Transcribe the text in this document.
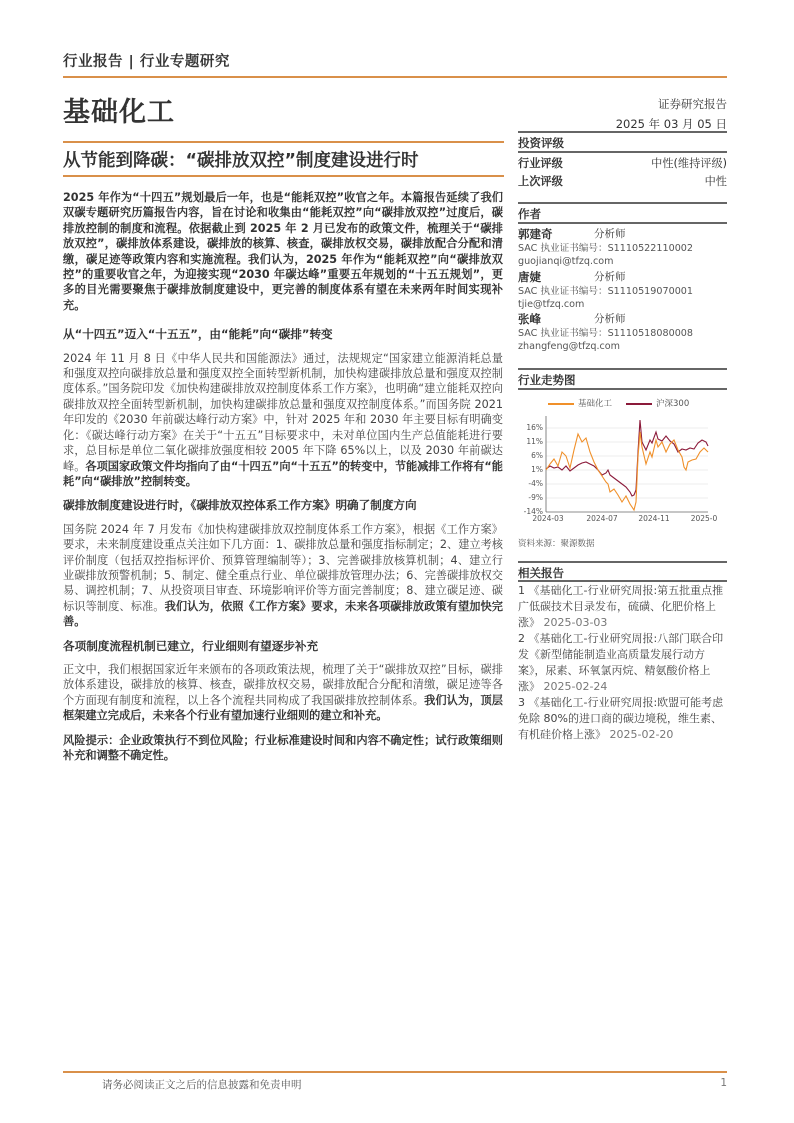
行业报告 | 行业专题研究
基础化工	证券研究报告
2025 年 03 月 05 日
从节能到降碳：“碳排放双控”制度建设进行时

2025 年作为“十四五”规划最后一年，也是“能耗双控”收官之年。本篇报告延续了我们双碳专题研究历篇报告内容，旨在讨论和收集由“能耗双控”向“碳排放双控”过度后，碳排放控制的制度和流程。依据截止到 2025 年 2 月已发布的政策文件，梳理关于“碳排放双控”，碳排放体系建设，碳排放的核算、核查，碳排放权交易，碳排放配合分配和清缴，碳足迹等政策内容和实施流程。我们认为，2025 年作为“能耗双控”向“碳排放双控”的重要收官之年，为迎接实现“2030 年碳达峰”重要五年规划的“十五五规划”，更多的目光需要聚焦于碳排放制度建设中，更完善的制度体系有望在未来两年时间实现补充。

从“十四五”迈入“十五五”，由“能耗”向“碳排”转变

2024 年 11 月 8 日《中华人民共和国能源法》通过，法规规定“国家建立能源消耗总量和强度双控向碳排放总量和强度双控全面转型新机制，加快构建碳排放总量和强度双控制度体系。”国务院印发《加快构建碳排放双控制度体系工作方案》，也明确“建立能耗双控向碳排放双控全面转型新机制，加快构建碳排放总量和强度双控制度体系。”而国务院 2021 年印发的《2030 年前碳达峰行动方案》中，针对 2025 年和 2030 年主要目标有明确变化：《碳达峰行动方案》在关于“十五五”目标要求中，未对单位国内生产总值能耗进行要求，总目标是单位二氧化碳排放强度相较 2005 年下降 65%以上，以及 2030 年前碳达峰。各项国家政策文件均指向了由“十四五”向“十五五”的转变中，节能减排工作将有“能耗”向“碳排放”控制转变。

碳排放制度建设进行时，《碳排放双控体系工作方案》明确了制度方向

国务院 2024 年 7 月发布《加快构建碳排放双控制度体系工作方案》，根据《工作方案》要求，未来制度建设重点关注如下几方面：1、碳排放总量和强度指标制定；2、建立考核评价制度（包括双控指标评价、预算管理编制等）；3、完善碳排放核算机制；4、建立行业碳排放预警机制；5、制定、健全重点行业、单位碳排放管理办法；6、完善碳排放权交易、调控机制；7、从投资项目审查、环境影响评价等方面完善制度；8、建立碳足迹、碳标识等制度、标准。我们认为，依照《工作方案》要求，未来各项碳排放政策有望加快完善。

各项制度流程机制已建立，行业细则有望逐步补充

正文中，我们根据国家近年来颁布的各项政策法规，梳理了关于“碳排放双控”目标，碳排放体系建设，碳排放的核算、核查，碳排放权交易，碳排放配合分配和清缴，碳足迹等各个方面现有制度和流程，以上各个流程共同构成了我国碳排放控制体系。我们认为，顶层框架建立完成后，未来各个行业有望加速行业细则的建立和补充。

风险提示：企业政策执行不到位风险；行业标准建设时间和内容不确定性；试行政策细则补充和调整不确定性。

投资评级
行业评级	中性(维持评级)
上次评级	中性
作者
郭建奇	分析师
SAC 执业证书编号：S1110522110002
guojianqi@tfzq.com
唐婕	分析师
SAC 执业证书编号：S1110519070001
tjie@tfzq.com
张峰	分析师
SAC 执业证书编号：S1110518080008
zhangfeng@tfzq.com
行业走势图
基础化工	沪深300
16%
11%
6%
1%
-4%
-9%
-14%
2024-03	2024-07	2024-11	2025-0
资料来源：聚源数据
相关报告
1 《基础化工-行业研究周报:第五批重点推广低碳技术目录发布，硫磺、化肥价格上涨》 2025-03-03
2 《基础化工-行业研究周报:八部门联合印发《新型储能制造业高质量发展行动方案》，尿素、环氧氯丙烷、精氨酸价格上涨》 2025-02-24
3 《基础化工-行业研究周报:欧盟可能考虑免除 80%的进口商的碳边境税，维生素、有机硅价格上涨》 2025-02-20
请务必阅读正文之后的信息披露和免责申明	1
